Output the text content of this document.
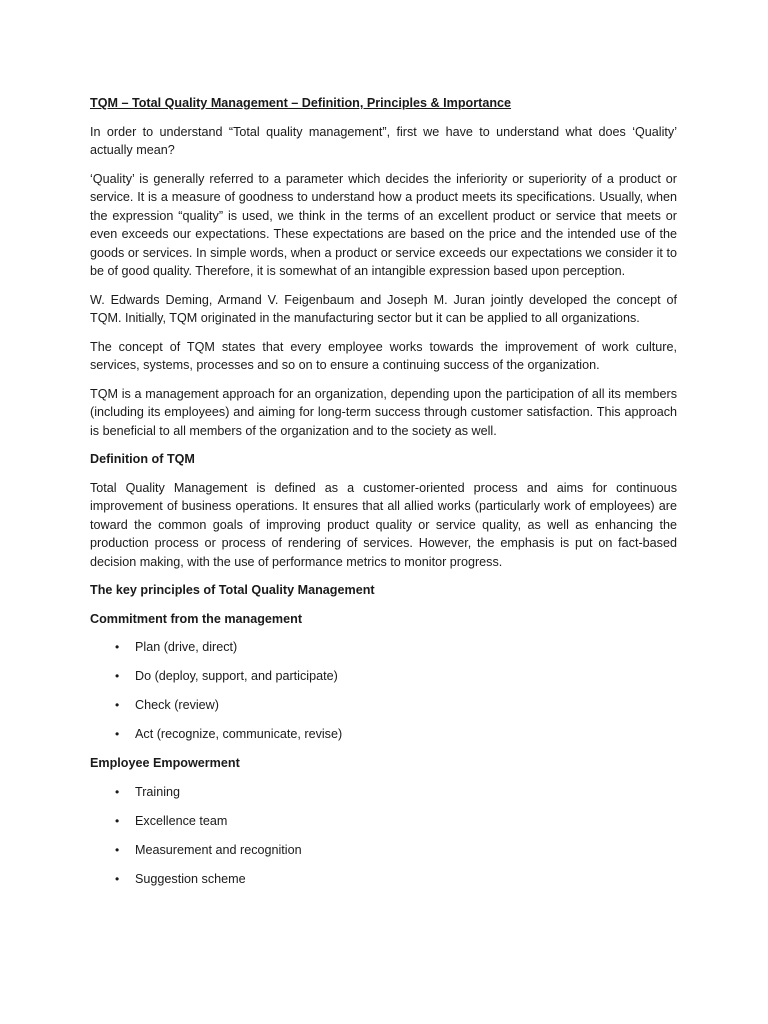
TQM – Total Quality Management – Definition, Principles & Importance

In order to understand “Total quality management”, first we have to understand what does ‘Quality’ actually mean?

‘Quality’ is generally referred to a parameter which decides the inferiority or superiority of a product or service. It is a measure of goodness to understand how a product meets its specifications. Usually, when the expression “quality” is used, we think in the terms of an excellent product or service that meets or even exceeds our expectations. These expectations are based on the price and the intended use of the goods or services. In simple words, when a product or service exceeds our expectations we consider it to be of good quality. Therefore, it is somewhat of an intangible expression based upon perception.

W. Edwards Deming, Armand V. Feigenbaum and Joseph M. Juran jointly developed the concept of TQM. Initially, TQM originated in the manufacturing sector but it can be applied to all organizations.

The concept of TQM states that every employee works towards the improvement of work culture, services, systems, processes and so on to ensure a continuing success of the organization.

TQM is a management approach for an organization, depending upon the participation of all its members (including its employees) and aiming for long-term success through customer satisfaction. This approach is beneficial to all members of the organization and to the society as well.

Definition of TQM

Total Quality Management is defined as a customer-oriented process and aims for continuous improvement of business operations. It ensures that all allied works (particularly work of employees) are toward the common goals of improving product quality or service quality, as well as enhancing the production process or process of rendering of services. However, the emphasis is put on fact-based decision making, with the use of performance metrics to monitor progress.

The key principles of Total Quality Management

Commitment from the management

• Plan (drive, direct)
• Do (deploy, support, and participate)
• Check (review)
• Act (recognize, communicate, revise)

Employee Empowerment

• Training
• Excellence team
• Measurement and recognition
• Suggestion scheme
